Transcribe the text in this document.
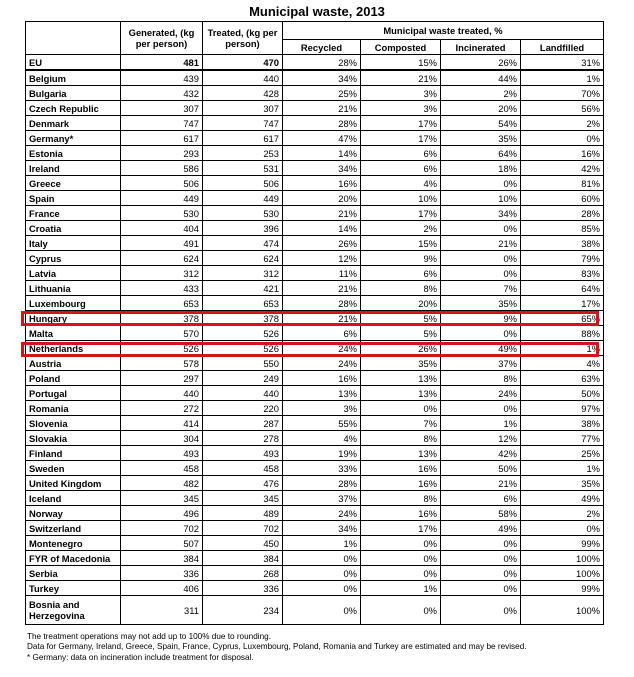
Municipal waste, 2013
	Generated, (kg per person)	Treated, (kg per person)	Municipal waste treated, %			
			Recycled	Composted	Incinerated	Landfilled
EU	481	470	28%	15%	26%	31%
Belgium	439	440	34%	21%	44%	1%
Bulgaria	432	428	25%	3%	2%	70%
Czech Republic	307	307	21%	3%	20%	56%
Denmark	747	747	28%	17%	54%	2%
Germany*	617	617	47%	17%	35%	0%
Estonia	293	253	14%	6%	64%	16%
Ireland	586	531	34%	6%	18%	42%
Greece	506	506	16%	4%	0%	81%
Spain	449	449	20%	10%	10%	60%
France	530	530	21%	17%	34%	28%
Croatia	404	396	14%	2%	0%	85%
Italy	491	474	26%	15%	21%	38%
Cyprus	624	624	12%	9%	0%	79%
Latvia	312	312	11%	6%	0%	83%
Lithuania	433	421	21%	8%	7%	64%
Luxembourg	653	653	28%	20%	35%	17%
Hungary	378	378	21%	5%	9%	65%
Malta	570	526	6%	5%	0%	88%
Netherlands	526	526	24%	26%	49%	1%
Austria	578	550	24%	35%	37%	4%
Poland	297	249	16%	13%	8%	63%
Portugal	440	440	13%	13%	24%	50%
Romania	272	220	3%	0%	0%	97%
Slovenia	414	287	55%	7%	1%	38%
Slovakia	304	278	4%	8%	12%	77%
Finland	493	493	19%	13%	42%	25%
Sweden	458	458	33%	16%	50%	1%
United Kingdom	482	476	28%	16%	21%	35%
Iceland	345	345	37%	8%	6%	49%
Norway	496	489	24%	16%	58%	2%
Switzerland	702	702	34%	17%	49%	0%
Montenegro	507	450	1%	0%	0%	99%
FYR of Macedonia	384	384	0%	0%	0%	100%
Serbia	336	268	0%	0%	0%	100%
Turkey	406	336	0%	1%	0%	99%
Bosnia and Herzegovina	311	234	0%	0%	0%	100%
The treatment operations may not add up to 100% due to rounding.
Data for Germany, Ireland, Greece, Spain, France, Cyprus, Luxembourg, Poland, Romania and Turkey are estimated and may be revised.
* Germany: data on incineration include treatment for disposal.
